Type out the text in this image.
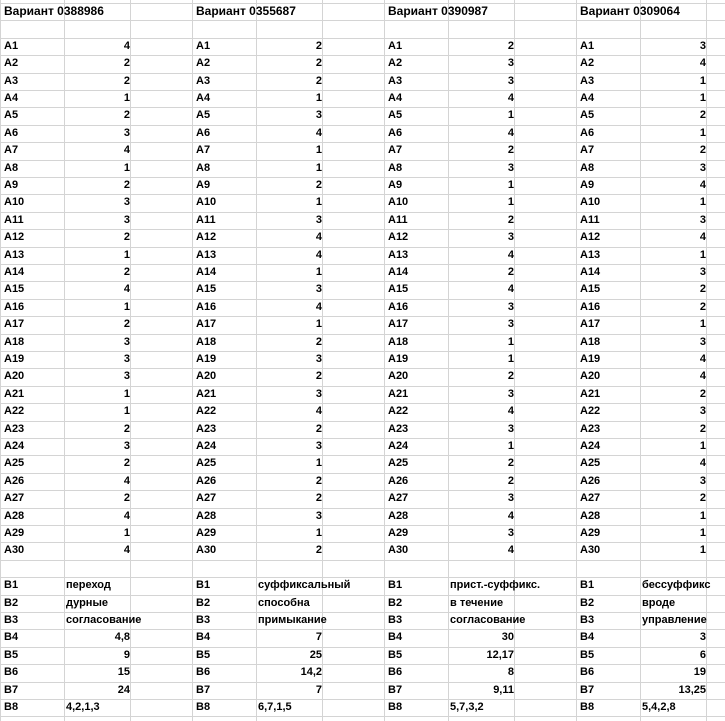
Вариант 0388986
A1	4
A2	2
A3	2
A4	1
A5	2
A6	3
A7	4
A8	1
A9	2
A10	3
A11	3
A12	2
A13	1
A14	2
A15	4
A16	1
A17	2
A18	3
A19	3
A20	3
A21	1
A22	1
A23	2
A24	3
A25	2
A26	4
A27	2
A28	4
A29	1
A30	4
B1	переход
B2	дурные
B3	согласование
B4	4,8
B5	9
B6	15
B7	24
B8	4,2,1,3
Вариант 0355687
A1	2
A2	2
A3	2
A4	1
A5	3
A6	4
A7	1
A8	1
A9	2
A10	1
A11	3
A12	4
A13	4
A14	1
A15	3
A16	4
A17	1
A18	2
A19	3
A20	2
A21	3
A22	4
A23	2
A24	3
A25	1
A26	2
A27	2
A28	3
A29	1
A30	2
B1	суффиксальный
B2	способна
B3	примыкание
B4	7
B5	25
B6	14,2
B7	7
B8	6,7,1,5
Вариант 0390987
A1	2
A2	3
A3	3
A4	4
A5	1
A6	4
A7	2
A8	3
A9	1
A10	1
A11	2
A12	3
A13	4
A14	2
A15	4
A16	3
A17	3
A18	1
A19	1
A20	2
A21	3
A22	4
A23	3
A24	1
A25	2
A26	2
A27	3
A28	4
A29	3
A30	4
B1	прист.-суффикс.
B2	в течение
B3	согласование
B4	30
B5	12,17
B6	8
B7	9,11
B8	5,7,3,2
Вариант 0309064
A1	3
A2	4
A3	1
A4	1
A5	2
A6	1
A7	2
A8	3
A9	4
A10	1
A11	3
A12	4
A13	1
A14	3
A15	2
A16	2
A17	1
A18	3
A19	4
A20	4
A21	2
A22	3
A23	2
A24	1
A25	4
A26	3
A27	2
A28	1
A29	1
A30	1
B1	бессуффикс
B2	вроде
B3	управление
B4	3
B5	6
B6	19
B7	13,25
B8	5,4,2,8
